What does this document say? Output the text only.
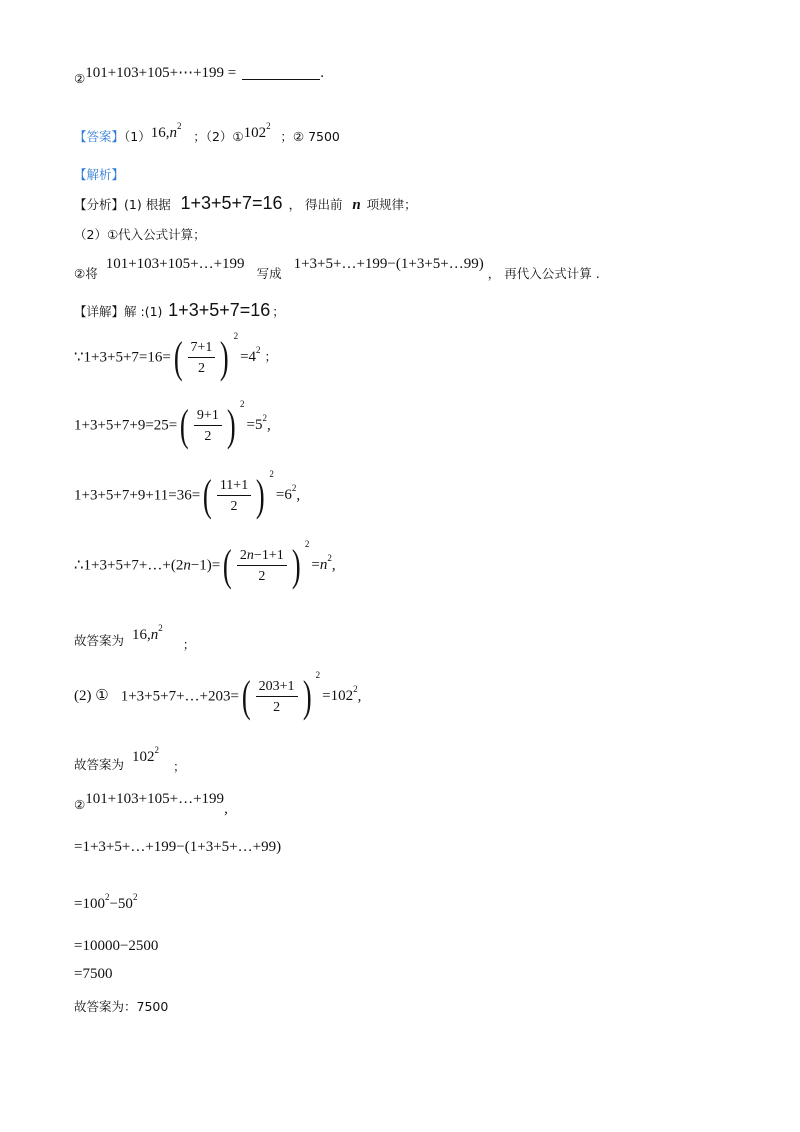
$_②$101+103+105+⋯+199 =	.
【答案】$(1)16,n^2$ ；$(2)①102^2$ ；② 7500
【解析】
【分析】(1) 根据 1+3+5+7=16 ， 得出前 n 项规律；
（2）①代入公式计算；
$_{②将}101+103+105+\dots+199_{写成}1+3+5+\dots+199-(1+3+5+\dots 99)_{, 再代入公式计算 .}$
【详解】解 :(1) 1+3+5+7=16 ；
∵1+3+5+7=16= ( $\frac{7+1}{2}$ ) 2
$=4^2$ ；
1+3+5+7+9=25= ( $\frac{9+1}{2}$ ) 2
$=5^2$,
1+3+5+7+9+11=36= ( $\frac{11+1}{2}$ ) 2
$=6^2$,
∴1+3+5+7+…+(2n−1)= ( $\frac{2n-1+1}{2}$ ) 2
$=n^2$,
$_{故答案为}$ $16,n^2_;$
(2) ① 1+3+5+7+…+203= ( $\frac{203+1}{2}$ ) 2
$=102^2$,
$_{故答案为}$ $102^2_;$
$_②$101+103+105+…+199,
=1+3+5+…+199−(1+3+5+…+99)
$=100^2-50^2$
=10000−2500
=7500
故答案为：7500
